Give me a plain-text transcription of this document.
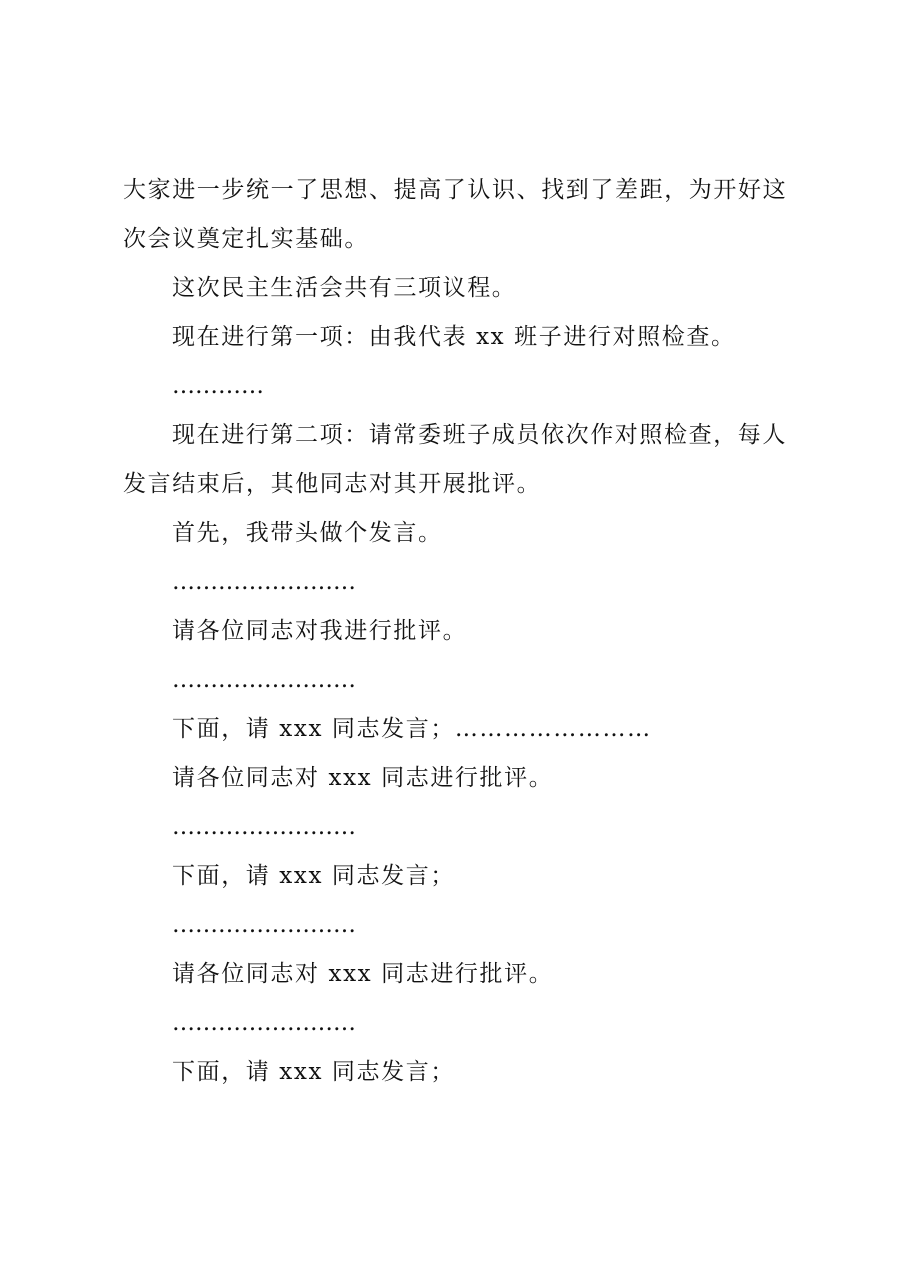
大家进一步统一了思想、提高了认识、找到了差距，为开好这次会议奠定扎实基础。

这次民主生活会共有三项议程。

现在进行第一项：由我代表 xx 班子进行对照检查。

…………

现在进行第二项：请常委班子成员依次作对照检查，每人发言结束后，其他同志对其开展批评。

首先，我带头做个发言。

……………………

请各位同志对我进行批评。

……………………

下面，请 xxx 同志发言；……………………

请各位同志对 xxx 同志进行批评。

……………………

下面，请 xxx 同志发言；

……………………

请各位同志对 xxx 同志进行批评。

……………………

下面，请 xxx 同志发言；
